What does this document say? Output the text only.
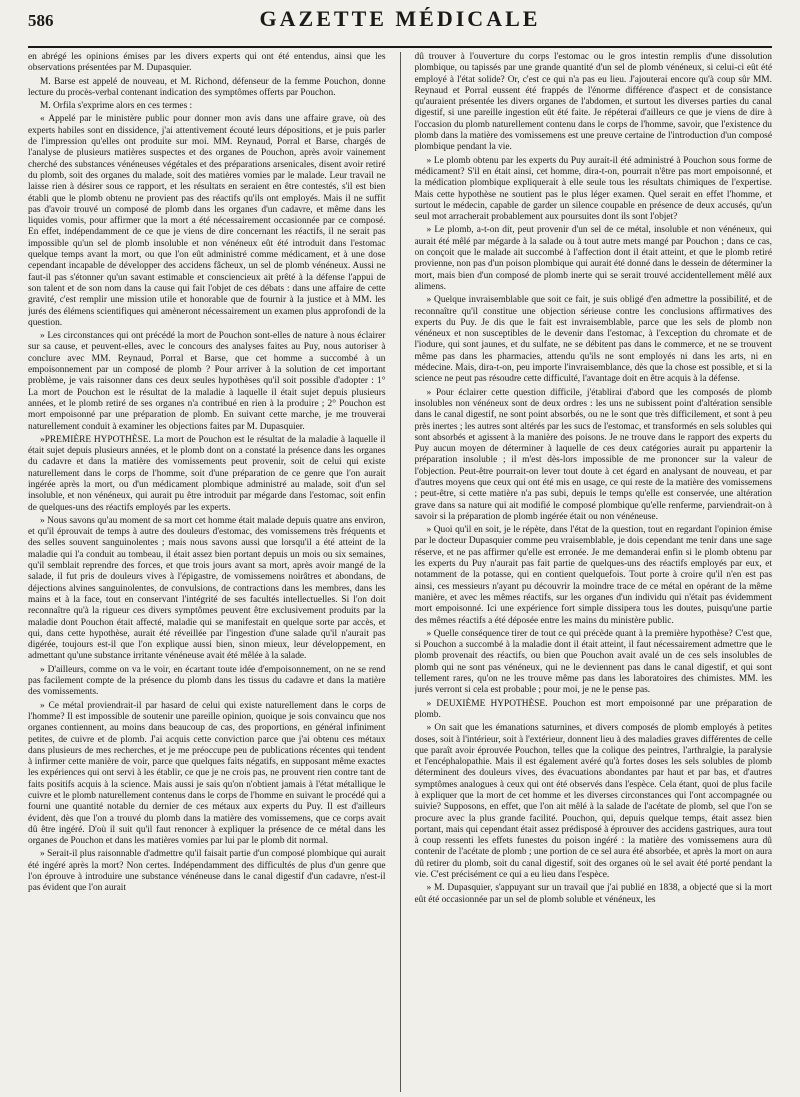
586	GAZETTE MÉDICALE

en abrégé les opinions émises par les divers experts qui ont été entendus, ainsi que les observations présentées par M. Dupasquier.

M. Barse est appelé de nouveau, et M. Richond, défenseur de la femme Pouchon, donne lecture du procès-verbal contenant indication des symptômes offerts par Pouchon.

M. Orfila s'exprime alors en ces termes :

« Appelé par le ministère public pour donner mon avis dans une affaire grave, où des experts habiles sont en dissidence, j'ai attentivement écouté leurs dépositions, et je puis parler de l'impression qu'elles ont produite sur moi. MM. Reynaud, Porral et Barse, chargés de l'analyse de plusieurs matières suspectes et des organes de Pouchon, après avoir vainement cherché des substances vénéneuses végétales et des préparations arsenicales, disent avoir retiré du plomb, soit des organes du malade, soit des matières vomies par le malade. Leur travail ne laisse rien à désirer sous ce rapport, et les résultats en seraient en être contestés, s'il est bien établi que le plomb obtenu ne provient pas des réactifs qu'ils ont employés. Mais il ne suffit pas d'avoir trouvé un composé de plomb dans les organes d'un cadavre, et même dans les liquides vomis, pour affirmer que la mort a été nécessairement occasionnée par ce composé. En effet, indépendamment de ce que je viens de dire concernant les réactifs, il ne serait pas impossible qu'un sel de plomb insoluble et non vénéneux eût été introduit dans l'estomac quelque temps avant la mort, ou que l'on eût administré comme médicament, et à une dose cependant incapable de développer des accidens fâcheux, un sel de plomb vénéneux. Aussi ne faut-il pas s'étonner qu'un savant estimable et consciencieux ait prêté à la défense l'appui de son talent et de son nom dans la cause qui fait l'objet de ces débats : dans une affaire de cette gravité, c'est remplir une mission utile et honorable que de fournir à la justice et à MM. les jurés des élémens scientifiques qui amèneront nécessairement un examen plus approfondi de la question.

» Les circonstances qui ont précédé la mort de Pouchon sont-elles de nature à nous éclairer sur sa cause, et peuvent-elles, avec le concours des analyses faites au Puy, nous autoriser à conclure avec MM. Reynaud, Porral et Barse, que cet homme a succombé à un empoisonnement par un composé de plomb ? Pour arriver à la solution de cet important problème, je vais raisonner dans ces deux seules hypothèses qu'il soit possible d'adopter : 1° La mort de Pouchon est le résultat de la maladie à laquelle il était sujet depuis plusieurs années, et le plomb retiré de ses organes n'a contribué en rien à la produire ; 2° Pouchon est mort empoisonné par une préparation de plomb. En suivant cette marche, je me trouverai naturellement conduit à examiner les objections faites par M. Dupasquier.

»PREMIÈRE HYPOTHÈSE. La mort de Pouchon est le résultat de la maladie à laquelle il était sujet depuis plusieurs années, et le plomb dont on a constaté la présence dans les organes du cadavre et dans la matière des vomissements peut provenir, soit de celui qui existe naturellement dans le corps de l'homme, soit d'une préparation de ce genre que l'on aurait ingérée après la mort, ou d'un médicament plombique administré au malade, soit d'un sel insoluble, et non vénéneux, qui aurait pu être introduit par mégarde dans l'estomac, soit enfin de quelques-uns des réactifs employés par les experts.

» Nous savons qu'au moment de sa mort cet homme était malade depuis quatre ans environ, et qu'il éprouvait de temps à autre des douleurs d'estomac, des vomissemens très fréquents et des selles souvent sanguinolentes ; mais nous savons aussi que lorsqu'il a été atteint de la maladie qui l'a conduit au tombeau, il était assez bien portant depuis un mois ou six semaines, qu'il semblait reprendre des forces, et que trois jours avant sa mort, après avoir mangé de la salade, il fut pris de douleurs vives à l'épigastre, de vomissemens noirâtres et abondans, de déjections alvines sanguinolentes, de convulsions, de contractions dans les membres, dans les mains et à la face, tout en conservant l'intégrité de ses facultés intellectuelles. Si l'on doit reconnaître qu'à la rigueur ces divers symptômes peuvent être exclusivement produits par la maladie dont Pouchon était affecté, maladie qui se manifestait en quelque sorte par accès, et qui, dans cette hypothèse, aurait été réveillée par l'ingestion d'une salade qu'il n'aurait pas digérée, toujours est-il que l'on explique aussi bien, sinon mieux, leur développement, en admettant qu'une substance irritante vénéneuse avait été mêlée à la salade.

» D'ailleurs, comme on va le voir, en écartant toute idée d'empoisonnement, on ne se rend pas facilement compte de la présence du plomb dans les tissus du cadavre et dans la matière des vomissements.

» Ce métal proviendrait-il par hasard de celui qui existe naturellement dans le corps de l'homme? Il est impossible de soutenir une pareille opinion, quoique je sois convaincu que nos organes contiennent, au moins dans beaucoup de cas, des proportions, en général infiniment petites, de cuivre et de plomb. J'ai acquis cette conviction parce que j'ai obtenu ces métaux dans plusieurs de mes recherches, et je me préoccupe peu de publications récentes qui tendent à infirmer cette manière de voir, parce que quelques faits négatifs, en supposant même exactes les expériences qui ont servi à les établir, ce que je ne crois pas, ne prouvent rien contre tant de faits positifs acquis à la science. Mais aussi je sais qu'on n'obtient jamais à l'état métallique le cuivre et le plomb naturellement contenus dans le corps de l'homme en suivant le procédé qui a fourni une quantité notable du dernier de ces métaux aux experts du Puy. Il est d'ailleurs évident, dès que l'on a trouvé du plomb dans la matière des vomissemens, que ce corps avait dû être ingéré. D'où il suit qu'il faut renoncer à expliquer la présence de ce métal dans les organes de Pouchon et dans les matières vomies par lui par le plomb dit normal.

» Serait-il plus raisonnable d'admettre qu'il faisait partie d'un composé plombique qui aurait été ingéré après la mort? Non certes. Indépendamment des difficultés de plus d'un genre que l'on éprouve à introduire une substance vénéneuse dans le canal digestif d'un cadavre, n'est-il pas évident que l'on aurait

dû trouver à l'ouverture du corps l'estomac ou le gros intestin remplis d'une dissolution plombique, ou tapissés par une grande quantité d'un sel de plomb vénéneux, si celui-ci eût été employé à l'état solide? Or, c'est ce qui n'a pas eu lieu. J'ajouterai encore qu'à coup sûr MM. Reynaud et Porral eussent été frappés de l'énorme différence d'aspect et de consistance qu'auraient présentée les divers organes de l'abdomen, et surtout les diverses parties du canal digestif, si une pareille ingestion eût été faite. Je répéterai d'ailleurs ce que je viens de dire à l'occasion du plomb naturellement contenu dans le corps de l'homme, savoir, que l'existence du plomb dans la matière des vomissemens est une preuve certaine de l'introduction d'un composé plombique pendant la vie.

» Le plomb obtenu par les experts du Puy aurait-il été administré à Pouchon sous forme de médicament? S'il en était ainsi, cet homme, dira-t-on, pourrait n'être pas mort empoisonné, et la médication plombique expliquerait à elle seule tous les résultats chimiques de l'expertise. Mais cette hypothèse ne soutient pas le plus léger examen. Quel serait en effet l'homme, et surtout le médecin, capable de garder un silence coupable en présence de deux accusés, qu'un seul mot arracherait probablement aux poursuites dont ils sont l'objet?

» Le plomb, a-t-on dit, peut provenir d'un sel de ce métal, insoluble et non vénéneux, qui aurait été mêlé par mégarde à la salade ou à tout autre mets mangé par Pouchon ; dans ce cas, on conçoit que le malade ait succombé à l'affection dont il était atteint, et que le plomb retiré provienne, non pas d'un poison plombique qui aurait été donné dans le dessein de déterminer la mort, mais bien d'un composé de plomb inerte qui se serait trouvé accidentellement mêlé aux alimens.

» Quelque invraisemblable que soit ce fait, je suis obligé d'en admettre la possibilité, et de reconnaître qu'il constitue une objection sérieuse contre les conclusions affirmatives des experts du Puy. Je dis que le fait est invraisemblable, parce que les sels de plomb non vénéneux et non susceptibles de le devenir dans l'estomac, à l'exception du chromate et de l'iodure, qui sont jaunes, et du sulfate, ne se débitent pas dans le commerce, et ne se trouvent même pas dans les pharmacies, attendu qu'ils ne sont employés ni dans les arts, ni en médecine. Mais, dira-t-on, peu importe l'invraisemblance, dès que la chose est possible, et si la science ne peut pas résoudre cette difficulté, l'avantage doit en être acquis à la défense.

» Pour éclairer cette question difficile, j'établirai d'abord que les composés de plomb insolubles non vénéneux sont de deux ordres : les uns ne subissent point d'altération sensible dans le canal digestif, ne sont point absorbés, ou ne le sont que très difficilement, et sont à peu près inertes ; les autres sont altérés par les sucs de l'estomac, et transformés en sels solubles qui sont absorbés et agissent à la manière des poisons. Je ne trouve dans le rapport des experts du Puy aucun moyen de déterminer à laquelle de ces deux catégories aurait pu appartenir la préparation insoluble ; il m'est dès-lors impossible de me prononcer sur la valeur de l'objection. Peut-être pourrait-on lever tout doute à cet égard en analysant de nouveau, et par d'autres moyens que ceux qui ont été mis en usage, ce qui reste de la matière des vomissemens ; peut-être, si cette matière n'a pas subi, depuis le temps qu'elle est conservée, une altération grave dans sa nature qui ait modifié le composé plombique qu'elle renferme, parviendrait-on à savoir si la préparation de plomb ingérée était ou non vénéneuse.

» Quoi qu'il en soit, je le répète, dans l'état de la question, tout en regardant l'opinion émise par le docteur Dupasquier comme peu vraisemblable, je dois cependant me tenir dans une sage réserve, et ne pas affirmer qu'elle est erronée. Je me demanderai enfin si le plomb obtenu par les experts du Puy n'aurait pas fait partie de quelques-uns des réactifs employés par eux, et notamment de la potasse, qui en contient quelquefois. Tout porte à croire qu'il n'en est pas ainsi, ces messieurs n'ayant pu découvrir la moindre trace de ce métal en opérant de la même manière, et avec les mêmes réactifs, sur les organes d'un individu qui n'était pas évidemment mort empoisonné. Ici une expérience fort simple dissipera tous les doutes, puisqu'une partie des mêmes réactifs a été déposée entre les mains du ministère public.

» Quelle conséquence tirer de tout ce qui précède quant à la première hypothèse? C'est que, si Pouchon a succombé à la maladie dont il était atteint, il faut nécessairement admettre que le plomb provenait des réactifs, ou bien que Pouchon avait avalé un de ces sels insolubles de plomb qui ne sont pas vénéneux, qui ne le deviennent pas dans le canal digestif, et qui sont tellement rares, qu'on ne les trouve même pas dans les laboratoires des chimistes. MM. les jurés verront si cela est probable ; pour moi, je ne le pense pas.

» DEUXIÈME HYPOTHÈSE. Pouchon est mort empoisonné par une préparation de plomb.

» On sait que les émanations saturnines, et divers composés de plomb employés à petites doses, soit à l'intérieur, soit à l'extérieur, donnent lieu à des maladies graves différentes de celle que paraît avoir éprouvée Pouchon, telles que la colique des peintres, l'arthralgie, la paralysie et l'encéphalopathie. Mais il est également avéré qu'à fortes doses les sels solubles de plomb déterminent des douleurs vives, des évacuations abondantes par haut et par bas, et d'autres symptômes analogues à ceux qui ont été observés dans l'espèce. Cela étant, quoi de plus facile à expliquer que la mort de cet homme et les diverses circonstances qui l'ont accompagnée ou suivie? Supposons, en effet, que l'on ait mêlé à la salade de l'acétate de plomb, sel que l'on se procure avec la plus grande facilité. Pouchon, qui, depuis quelque temps, était assez bien portant, mais qui cependant était assez prédisposé à éprouver des accidens gastriques, aura tout à coup ressenti les effets funestes du poison ingéré : la matière des vomissemens aura dû contenir de l'acétate de plomb ; une portion de ce sel aura été absorbée, et après la mort on aura dû retirer du plomb, soit du canal digestif, soit des organes où le sel avait été porté pendant la vie. C'est précisément ce qui a eu lieu dans l'espèce.

» M. Dupasquier, s'appuyant sur un travail que j'ai publié en 1838, a objecté que si la mort eût été occasionnée par un sel de plomb soluble et vénéneux, les
